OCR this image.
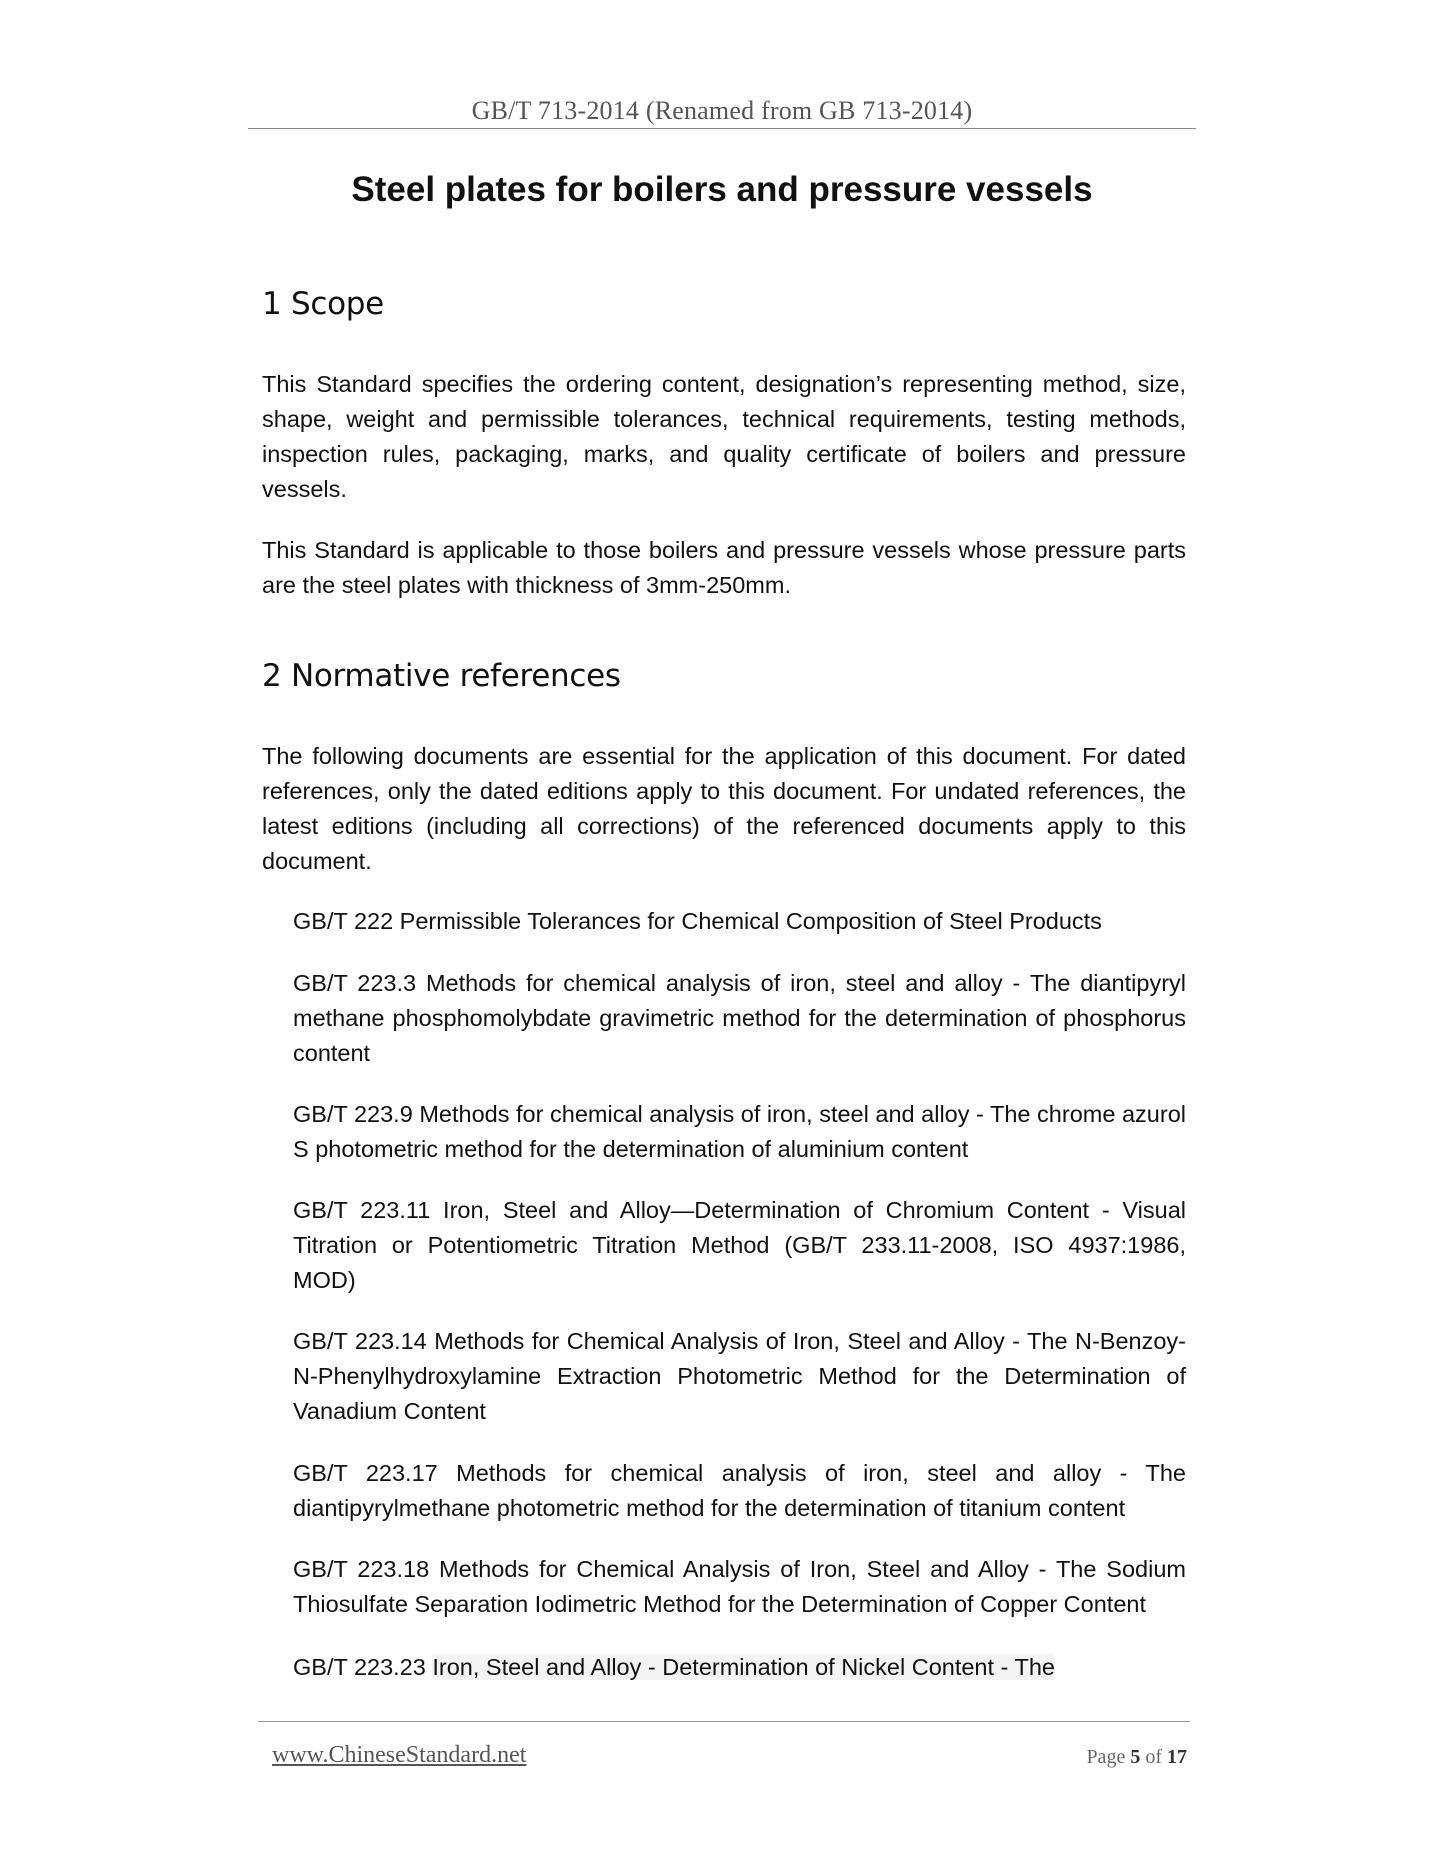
GB/T 713-2014 (Renamed from GB 713-2014)
Steel plates for boilers and pressure vessels
1 Scope
This Standard specifies the ordering content, designation’s representing method, size, shape, weight and permissible tolerances, technical requirements, testing methods, inspection rules, packaging, marks, and quality certificate of boilers and pressure vessels.
This Standard is applicable to those boilers and pressure vessels whose pressure parts are the steel plates with thickness of 3mm-250mm.
2 Normative references
The following documents are essential for the application of this document. For dated references, only the dated editions apply to this document. For undated references, the latest editions (including all corrections) of the referenced documents apply to this document.
GB/T 222 Permissible Tolerances for Chemical Composition of Steel Products
GB/T 223.3 Methods for chemical analysis of iron, steel and alloy - The diantipyryl methane phosphomolybdate gravimetric method for the determination of phosphorus content
GB/T 223.9 Methods for chemical analysis of iron, steel and alloy - The chrome azurol S photometric method for the determination of aluminium content
GB/T 223.11 Iron, Steel and Alloy—Determination of Chromium Content - Visual Titration or Potentiometric Titration Method (GB/T 233.11-2008, ISO 4937:1986, MOD)
GB/T 223.14 Methods for Chemical Analysis of Iron, Steel and Alloy - The N-Benzoy-N-Phenylhydroxylamine Extraction Photometric Method for the Determination of Vanadium Content
GB/T 223.17 Methods for chemical analysis of iron, steel and alloy - The diantipyrylmethane photometric method for the determination of titanium content
GB/T 223.18 Methods for Chemical Analysis of Iron, Steel and Alloy - The Sodium Thiosulfate Separation Iodimetric Method for the Determination of Copper Content
GB/T 223.23 Iron, Steel and Alloy - Determination of Nickel Content - The
www.ChineseStandard.net	Page 5 of 17
